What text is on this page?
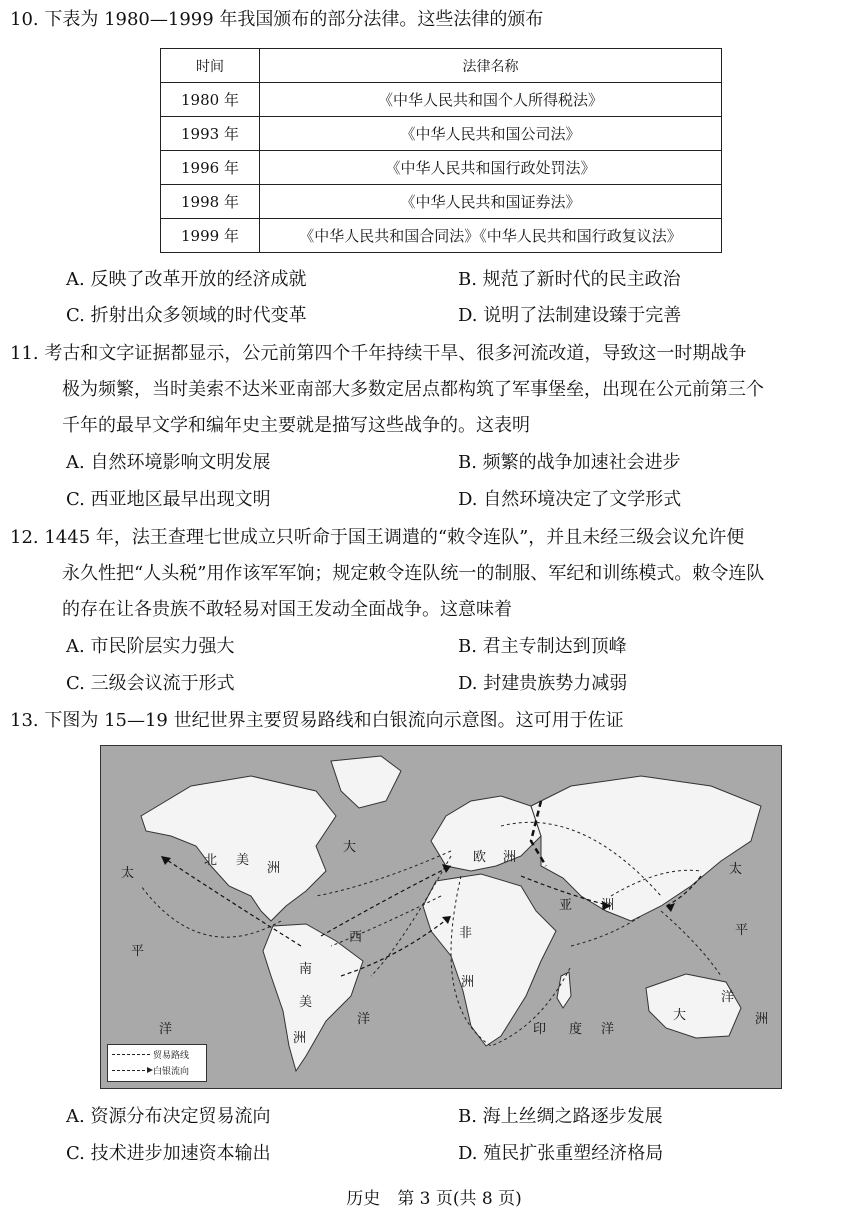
10. 下表为 1980—1999 年我国颁布的部分法律。这些法律的颁布
时间	法律名称
1980 年	《中华人民共和国个人所得税法》
1993 年	《中华人民共和国公司法》
1996 年	《中华人民共和国行政处罚法》
1998 年	《中华人民共和国证券法》
1999 年	《中华人民共和国合同法》《中华人民共和国行政复议法》
A. 反映了改革开放的经济成就	B. 规范了新时代的民主政治
C. 折射出众多领域的时代变革	D. 说明了法制建设臻于完善
11. 考古和文字证据都显示，公元前第四个千年持续干旱、很多河流改道，导致这一时期战争
极为频繁，当时美索不达米亚南部大多数定居点都构筑了军事堡垒，出现在公元前第三个
千年的最早文学和编年史主要就是描写这些战争的。这表明
A. 自然环境影响文明发展	B. 频繁的战争加速社会进步
C. 西亚地区最早出现文明	D. 自然环境决定了文学形式
12. 1445 年，法王查理七世成立只听命于国王调遣的“敕令连队”，并且未经三级会议允许便
永久性把“人头税”用作该军军饷；规定敕令连队统一的制服、军纪和训练模式。敕令连队
的存在让各贵族不敢轻易对国王发动全面战争。这意味着
A. 市民阶层实力强大	B. 君主专制达到顶峰
C. 三级会议流于形式	D. 封建贵族势力减弱
13. 下图为 15—19 世纪世界主要贸易路线和白银流向示意图。这可用于佐证
北 美
洲
南
美
洲
欧 洲
亚 洲
非
洲
大
洋
洲
太
平
洋
太
平
大
西
洋
印 度 洋
贸易路线
白银流向
A. 资源分布决定贸易流向	B. 海上丝绸之路逐步发展
C. 技术进步加速资本输出	D. 殖民扩张重塑经济格局
历史　第 3 页(共 8 页)
